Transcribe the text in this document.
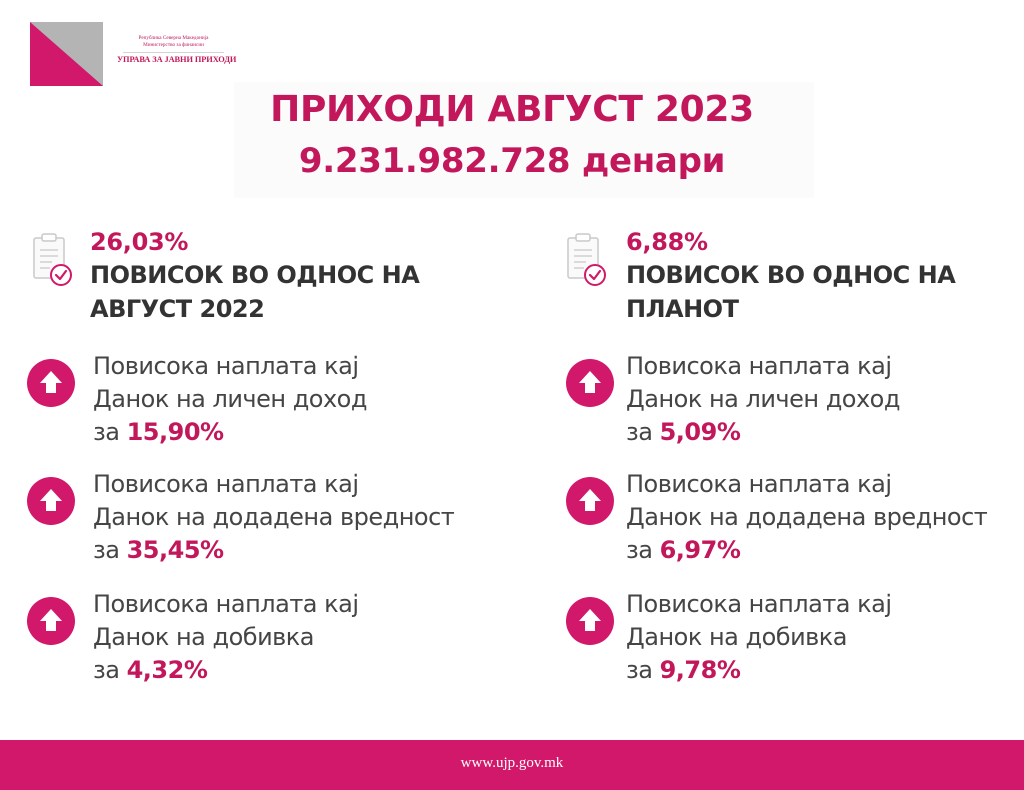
Република Северна Македонија
Министерство за финансии
УПРАВА ЗА ЈАВНИ ПРИХОДИ
ПРИХОДИ АВГУСТ 2023
9.231.982.728 денари
26,03%
ПОВИСОК ВО ОДНОС НА
АВГУСТ 2022
6,88%
ПОВИСОК ВО ОДНОС НА
ПЛАНОТ
Повисока наплата кај
Данок на личен доход
за 15,90%
Повисока наплата кај
Данок на додадена вредност
за 35,45%
Повисока наплата кај
Данок на добивка
за 4,32%
Повисока наплата кај
Данок на личен доход
за 5,09%
Повисока наплата кај
Данок на додадена вредност
за 6,97%
Повисока наплата кај
Данок на добивка
за 9,78%
www.ujp.gov.mk
